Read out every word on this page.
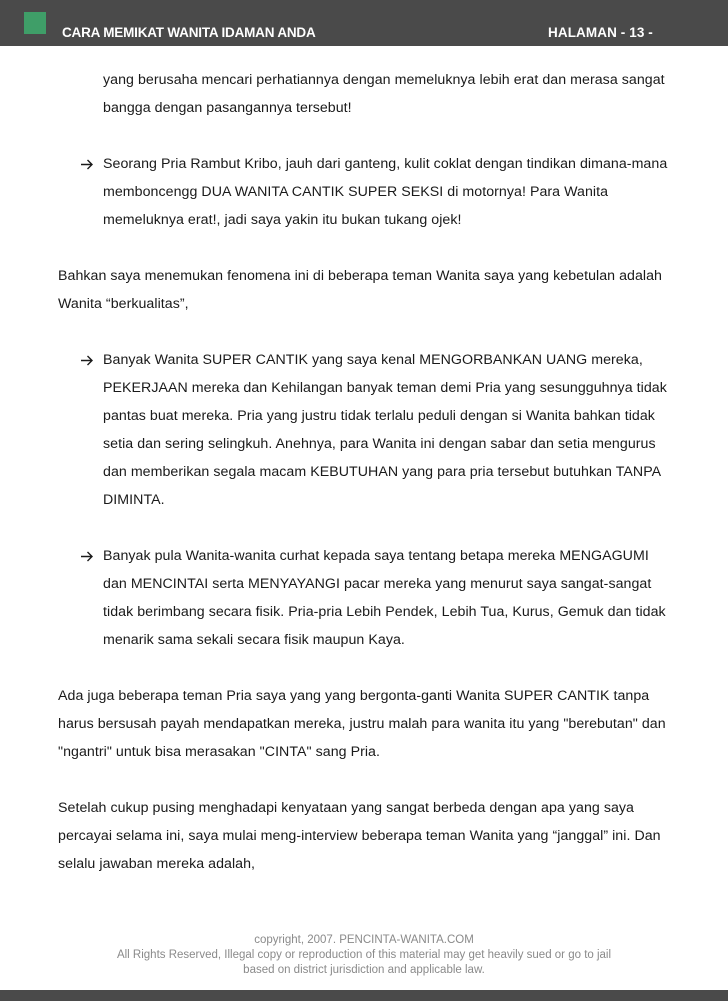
CARA MEMIKAT WANITA IDAMAN ANDA	HALAMAN - 13 -

yang berusaha mencari perhatiannya dengan memeluknya lebih erat dan merasa sangat bangga dengan pasangannya tersebut!

Seorang Pria Rambut Kribo, jauh dari ganteng, kulit coklat dengan tindikan dimana-mana memboncengg DUA WANITA CANTIK SUPER SEKSI di motornya! Para Wanita memeluknya erat!, jadi saya yakin itu bukan tukang ojek!

Bahkan saya menemukan fenomena ini di beberapa teman Wanita saya yang kebetulan adalah Wanita “berkualitas”,

Banyak Wanita SUPER CANTIK yang saya kenal MENGORBANKAN UANG mereka, PEKERJAAN mereka dan Kehilangan banyak teman demi Pria yang sesungguhnya tidak pantas buat mereka. Pria yang justru tidak terlalu peduli dengan si Wanita bahkan tidak setia dan sering selingkuh. Anehnya, para Wanita ini dengan sabar dan setia mengurus dan memberikan segala macam KEBUTUHAN yang para pria tersebut butuhkan TANPA DIMINTA.

Banyak pula Wanita-wanita curhat kepada saya tentang betapa mereka MENGAGUMI dan MENCINTAI serta MENYAYANGI pacar mereka yang menurut saya sangat-sangat tidak berimbang secara fisik. Pria-pria Lebih Pendek, Lebih Tua, Kurus, Gemuk dan tidak menarik sama sekali secara fisik maupun Kaya.

Ada juga beberapa teman Pria saya yang yang bergonta-ganti Wanita SUPER CANTIK tanpa harus bersusah payah mendapatkan mereka, justru malah para wanita itu yang "berebutan" dan "ngantri" untuk bisa merasakan "CINTA" sang Pria.

Setelah cukup pusing menghadapi kenyataan yang sangat berbeda dengan apa yang saya percayai selama ini, saya mulai meng-interview beberapa teman Wanita yang “janggal” ini. Dan selalu jawaban mereka adalah,

copyright, 2007. PENCINTA-WANITA.COM
All Rights Reserved, Illegal copy or reproduction of this material may get heavily sued or go to jail
based on district jurisdiction and applicable law.
